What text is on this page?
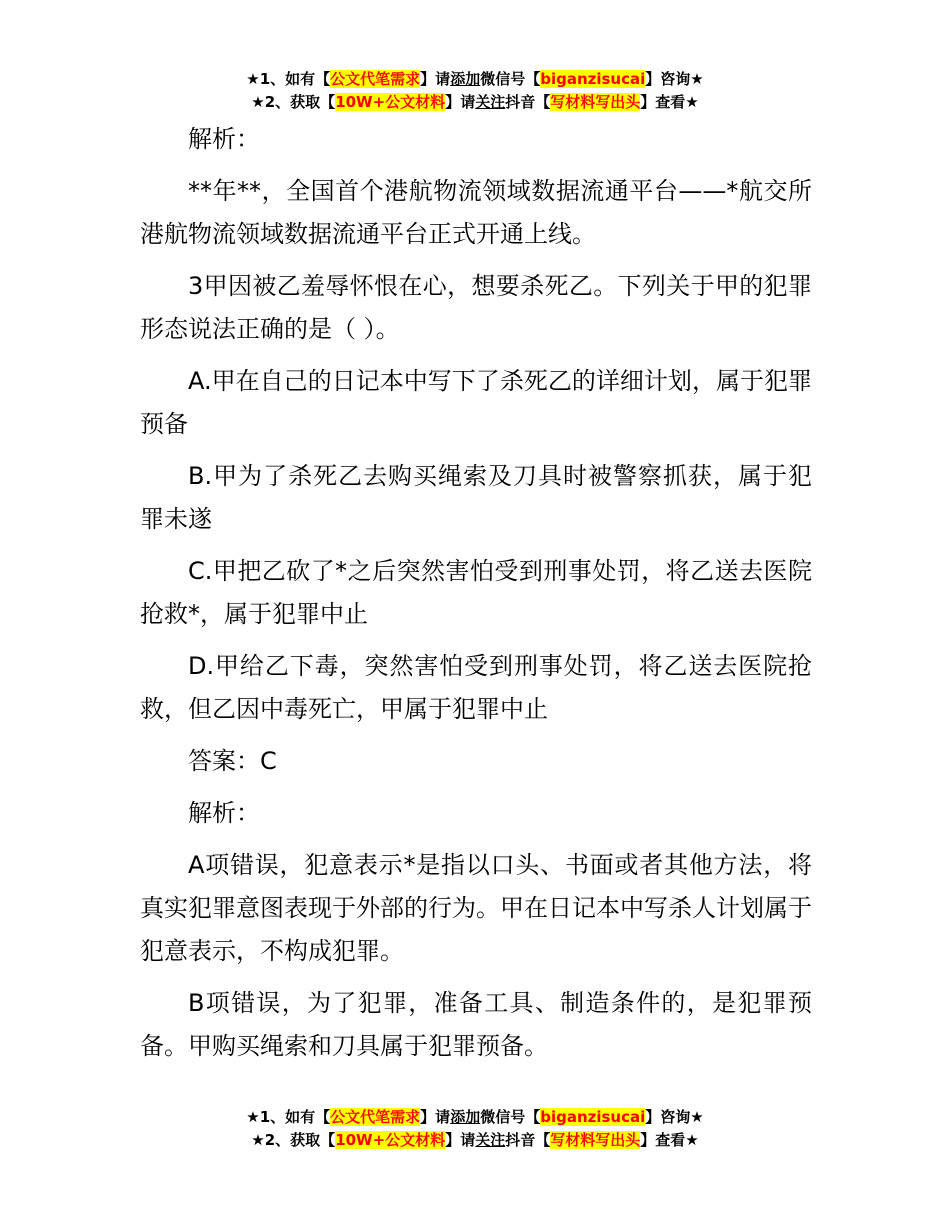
★1、如有【公文代笔需求】请添加微信号【biganzisucai】咨询★
★2、获取【10W+公文材料】请关注抖音【写材料写出头】查看★

解析：

**年**，全国首个港航物流领域数据流通平台——*航交所港航物流领域数据流通平台正式开通上线。

3甲因被乙羞辱怀恨在心，想要杀死乙。下列关于甲的犯罪形态说法正确的是（ ）。

A.甲在自己的日记本中写下了杀死乙的详细计划，属于犯罪预备

B.甲为了杀死乙去购买绳索及刀具时被警察抓获，属于犯罪未遂

C.甲把乙砍了*之后突然害怕受到刑事处罚，将乙送去医院抢救*，属于犯罪中止

D.甲给乙下毒，突然害怕受到刑事处罚，将乙送去医院抢救，但乙因中毒死亡，甲属于犯罪中止

答案：C

解析：

A项错误，犯意表示*是指以口头、书面或者其他方法，将真实犯罪意图表现于外部的行为。甲在日记本中写杀人计划属于犯意表示，不构成犯罪。

B项错误，为了犯罪，准备工具、制造条件的，是犯罪预备。甲购买绳索和刀具属于犯罪预备。

★1、如有【公文代笔需求】请添加微信号【biganzisucai】咨询★
★2、获取【10W+公文材料】请关注抖音【写材料写出头】查看★
